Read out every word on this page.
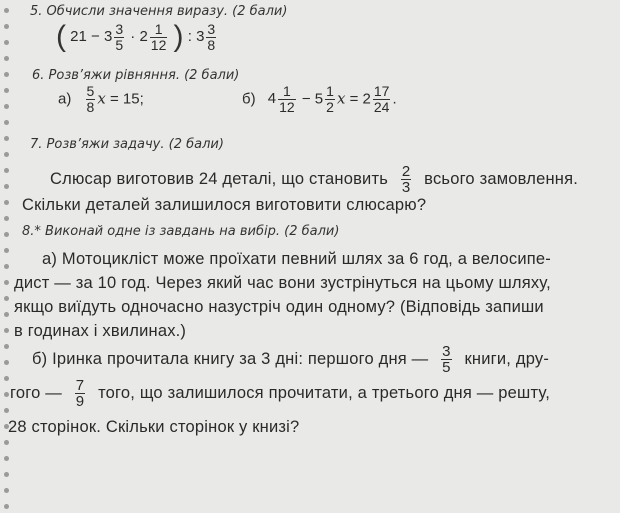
5. Обчисли значення виразу. (2 бали)
( $21 - 3 \frac{3}{5} \cdot 2 \frac{1}{12}$ ) : $3 \frac{3}{8}$
6. Розв’яжи рівняння. (2 бали)
$а) \frac{5}{8}$ x = 15;	б) $4 \frac{1}{12} - 5 \frac{1}{2}$ $x = 2 \frac{17}{24}$ .
7. Розв’яжи задачу. (2 бали)
Слюсар виготовив 24 деталі, що становить $\frac{2}{3}$ всього замовлення.
Скільки деталей залишилося виготовити слюсарю?
8.* Виконай одне із завдань на вибір. (2 бали)
а) Мотоцикліст може проїхати певний шлях за 6 год, а велосипе-
дист — за 10 год. Через який час вони зустрінуться на цьому шляху,
якщо виїдуть одночасно назустріч один одному? (Відповідь запиши
в годинах і хвилинах.)
б) Іринка прочитала книгу за 3 дні: першого дня — $\frac{3}{5}$ книги, дру-
гого — $\frac{7}{9}$ того, що залишилося прочитати, а третього дня — решту,
28 сторінок. Скільки сторінок у книзі?
